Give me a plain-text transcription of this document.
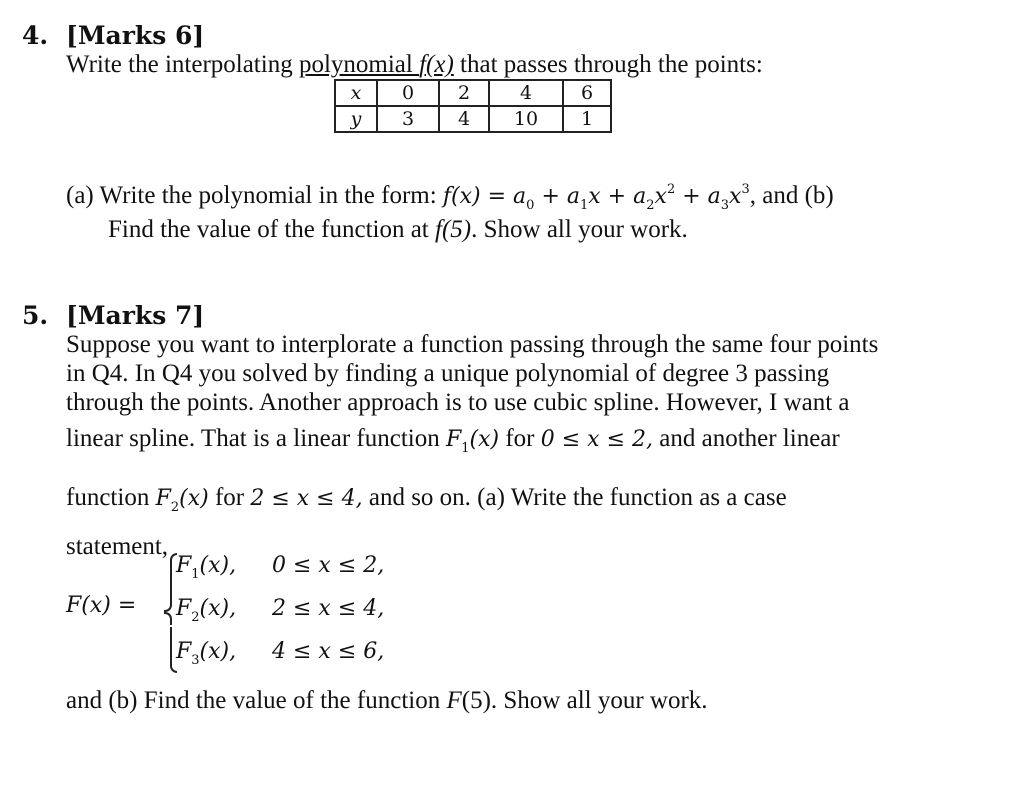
4. [Marks 6]
Write the interpolating polynomial f(x) that passes through the points:
x	0	2	4	6
y	3	4	10	1
(a) Write the polynomial in the form: $f(x) = a_0 + a_1x + a_2x^2 + a_3x^3$, and (b)
Find the value of the function at f(5). Show all your work.
5. [Marks 7]
Suppose you want to interplorate a function passing through the same four points
in Q4. In Q4 you solved by finding a unique polynomial of degree 3 passing
through the points. Another approach is to use cubic spline. However, I want a
linear spline. That is a linear function $F_1(x)$ for 0 ≤ x ≤ 2, and another linear
function $F_2(x)$ for 2 ≤ x ≤ 4, and so on. (a) Write the function as a case
statement,
F(x) =
$F_1(x)$, 0 ≤ x ≤ 2,
$F_2(x)$, 2 ≤ x ≤ 4,
$F_3(x)$, 4 ≤ x ≤ 6,
and (b) Find the value of the function F(5). Show all your work.
